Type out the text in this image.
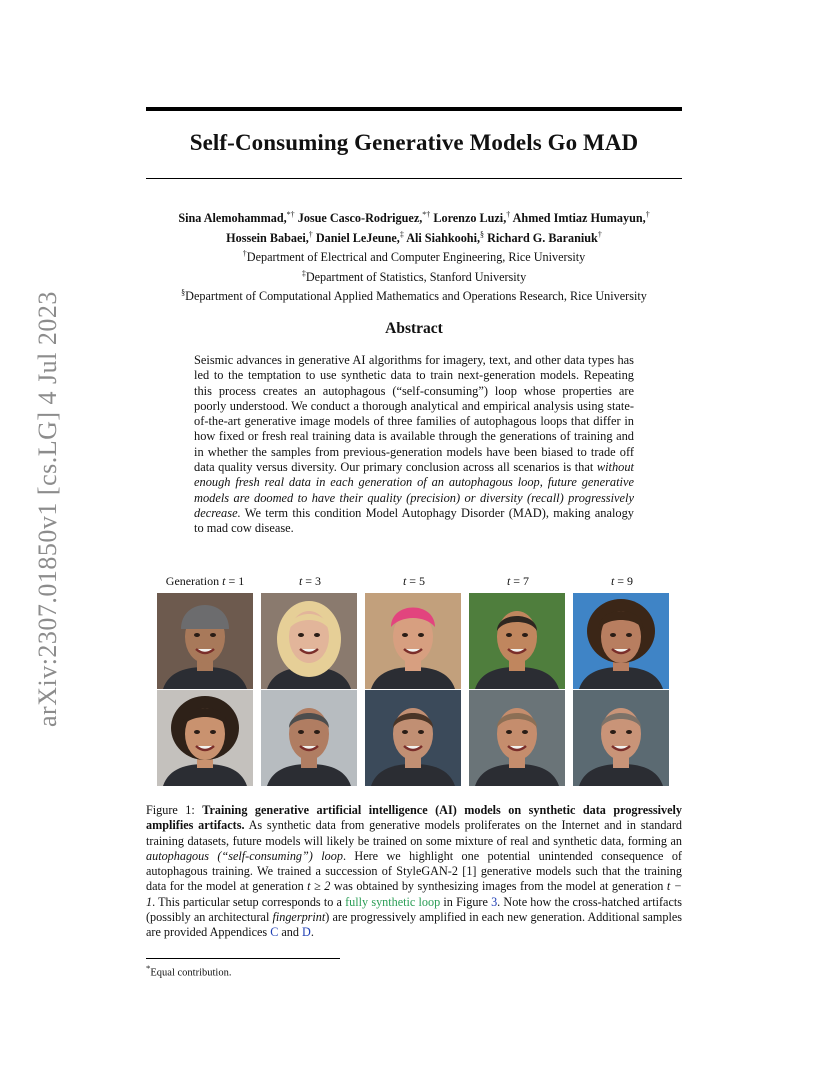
Self-Consuming Generative Models Go MAD
Sina Alemohammad,*† Josue Casco-Rodriguez,*† Lorenzo Luzi,† Ahmed Imtiaz Humayun,†
Hossein Babaei,† Daniel LeJeune,‡ Ali Siahkoohi,§ Richard G. Baraniuk†
†Department of Electrical and Computer Engineering, Rice University
‡Department of Statistics, Stanford University
§Department of Computational Applied Mathematics and Operations Research, Rice University
arXiv:2307.01850v1 [cs.LG] 4 Jul 2023	Abstract
Seismic advances in generative AI algorithms for imagery, text, and other data types has led to the temptation to use synthetic data to train next-generation models. Repeating this process creates an autophagous (“self-consuming”) loop whose properties are poorly understood. We conduct a thorough analytical and empirical analysis using state-of-the-art generative image models of three families of autophagous loops that differ in how fixed or fresh real training data is available through the generations of training and in whether the samples from previous-generation models have been biased to trade off data quality versus diversity. Our primary conclusion across all scenarios is that without enough fresh real data in each generation of an autophagous loop, future generative models are doomed to have their quality (precision) or diversity (recall) progressively decrease. We term this condition Model Autophagy Disorder (MAD), making analogy to mad cow disease.
Generation t = 1	t = 3	t = 5	t = 7	t = 9
Figure 1: Training generative artificial intelligence (AI) models on synthetic data progressively amplifies artifacts. As synthetic data from generative models proliferates on the Internet and in standard training datasets, future models will likely be trained on some mixture of real and synthetic data, forming an autophagous (“self-consuming”) loop. Here we highlight one potential unintended consequence of autophagous training. We trained a succession of StyleGAN-2 [1] generative models such that the training data for the model at generation t ≥ 2 was obtained by synthesizing images from the model at generation t − 1. This particular setup corresponds to a fully synthetic loop in Figure 3. Note how the cross-hatched artifacts (possibly an architectural fingerprint) are progressively amplified in each new generation. Additional samples are provided Appendices C and D.
*Equal contribution.
